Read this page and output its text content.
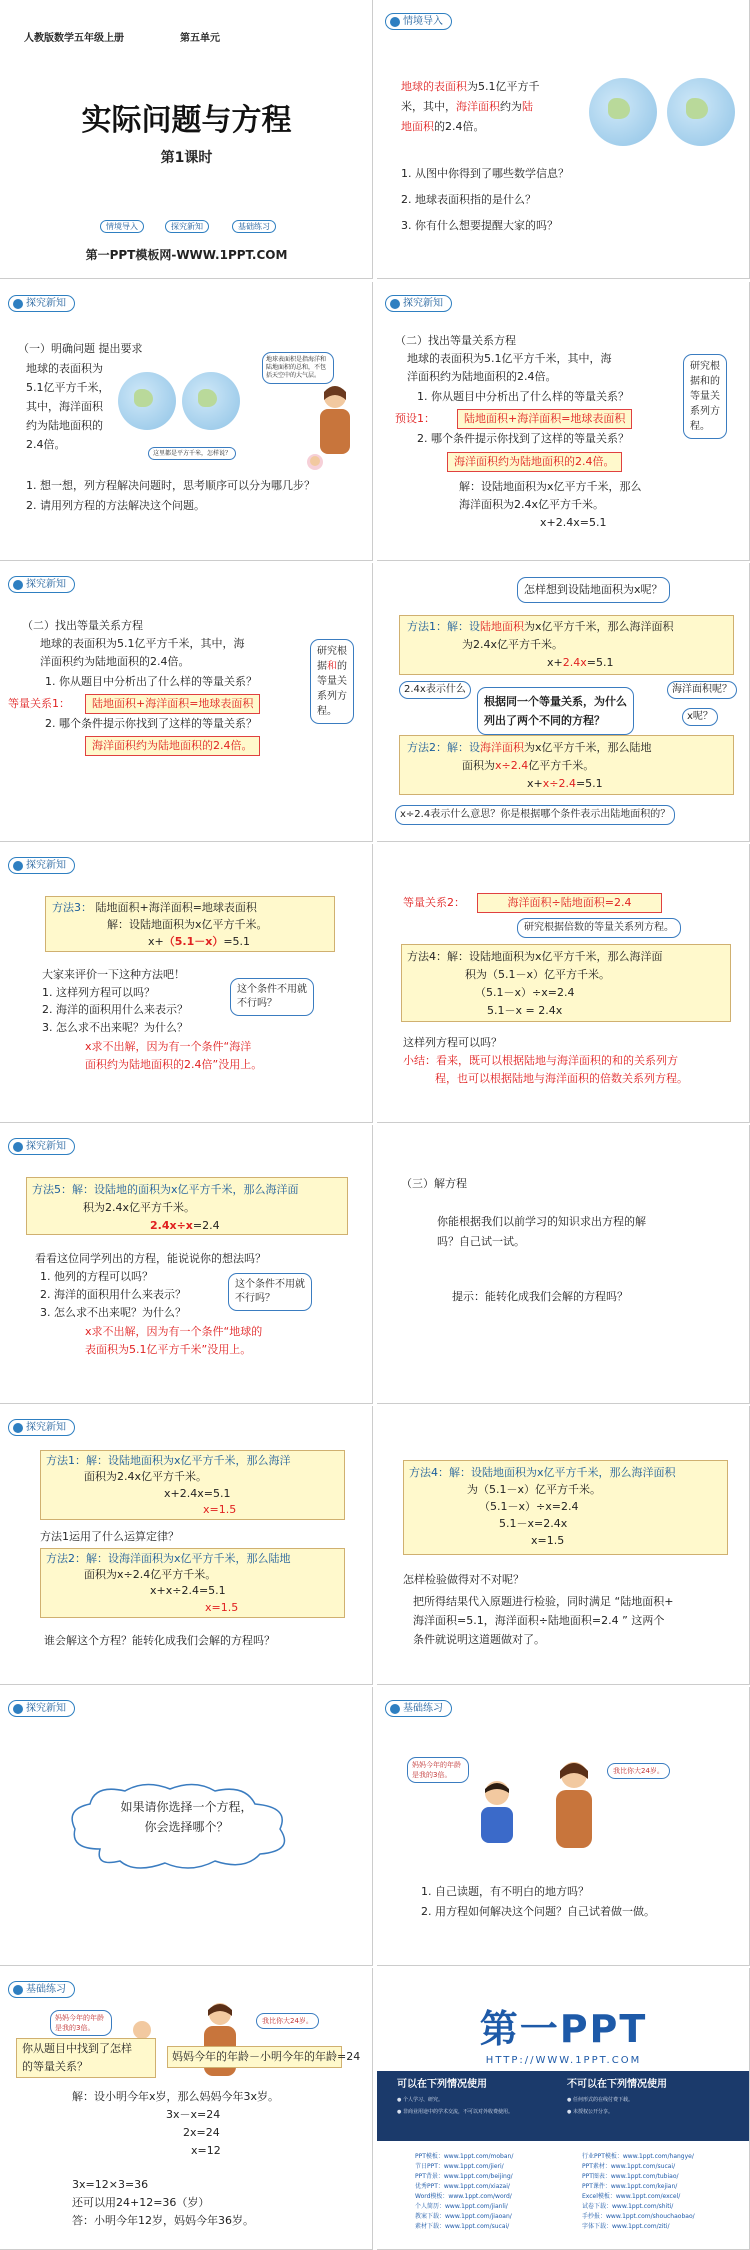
人教版数学五年级上册	第五单元
实际问题与方程
第1课时
情境导入	探究新知	基础练习
第一PPT模板网-WWW.1PPT.COM
情境导入
地球的表面积为5.1亿平方千
米，其中，海洋面积约为陆
地面积的2.4倍。
1. 从图中你得到了哪些数学信息？
2. 地球表面积指的是什么？
3. 你有什么想要提醒大家的吗？
探究新知
（一）明确问题 提出要求
地球的表面积为
5.1亿平方千米，
其中，海洋面积
约为陆地面积的
2.4倍。
地球表面积是指海洋和陆地面积的总和，不包括天空中的大气层。
这里都是平方千米，怎样说？
1. 想一想，列方程解决问题时，思考顺序可以分为哪几步？
2. 请用列方程的方法解决这个问题。
探究新知
（二）找出等量关系方程
地球的表面积为5.1亿平方千米，其中，海
洋面积约为陆地面积的2.4倍。
1. 你从题目中分析出了什么样的等量关系？
预设1：	陆地面积+海洋面积=地球表面积
2. 哪个条件提示你找到了这样的等量关系？
海洋面积约为陆地面积的2.4倍。
解：设陆地面积为x亿平方千米，那么
海洋面积为2.4x亿平方千米。
x+2.4x=5.1
研究根
据和的
等量关
系列方
程。
探究新知
（二）找出等量关系方程
地球的表面积为5.1亿平方千米，其中，海
洋面积约为陆地面积的2.4倍。
1. 你从题目中分析出了什么样的等量关系？
等量关系1：	陆地面积+海洋面积=地球表面积
2. 哪个条件提示你找到了这样的等量关系？
海洋面积约为陆地面积的2.4倍。
研究根
据和的
等量关
系列方
程。
怎样想到设陆地面积为x呢？
方法1：解：设陆地面积为x亿平方千米，那么海洋面积
为2.4x亿平方千米。
x+2.4x=5.1
2.4x表示什么	海洋面积呢？
根据同一个等量关系，为什么
列出了两个不同的方程？	x呢？
方法2：解：设海洋面积为x亿平方千米，那么陆地
面积为x÷2.4亿平方千米。
x+x÷2.4=5.1
x÷2.4表示什么意思？你是根据哪个条件表示出陆地面积的？
探究新知
方法3： 陆地面积+海洋面积=地球表面积
解：设陆地面积为x亿平方千米。
x+（5.1－x）=5.1
大家来评价一下这种方法吧！
1. 这样列方程可以吗？
2. 海洋的面积用什么来表示？
3. 怎么求不出来呢？为什么？
x求不出解，因为有一个条件“海洋
面积约为陆地面积的2.4倍”没用上。
这个条件不用就
不行吗？
等量关系2：	海洋面积÷陆地面积=2.4
研究根据倍数的等量关系列方程。
方法4：解：设陆地面积为x亿平方千米，那么海洋面
积为（5.1－x）亿平方千米。
（5.1－x）÷x=2.4
5.1－x = 2.4x
这样列方程可以吗？
小结：看来，既可以根据陆地与海洋面积的和的关系列方
程，也可以根据陆地与海洋面积的倍数关系列方程。
探究新知
方法5：解：设陆地的面积为x亿平方千米，那么海洋面
积为2.4x亿平方千米。
2.4x÷x=2.4
看看这位同学列出的方程，能说说你的想法吗？
1. 他列的方程可以吗？
2. 海洋的面积用什么来表示？
3. 怎么求不出来呢？为什么？
x求不出解，因为有一个条件“地球的
表面积为5.1亿平方千米”没用上。
这个条件不用就
不行吗？
（三）解方程
你能根据我们以前学习的知识求出方程的解
吗？自己试一试。
提示：能转化成我们会解的方程吗？
探究新知
方法1：解：设陆地面积为x亿平方千米，那么海洋
面积为2.4x亿平方千米。
x+2.4x=5.1
x=1.5
方法1运用了什么运算定律？
方法2：解：设海洋面积为x亿平方千米，那么陆地
面积为x÷2.4亿平方千米。
x+x÷2.4=5.1
x=1.5
谁会解这个方程？能转化成我们会解的方程吗？
方法4：解：设陆地面积为x亿平方千米，那么海洋面积
为（5.1－x）亿平方千米。
（5.1－x）÷x=2.4
5.1－x=2.4x
x=1.5
怎样检验做得对不对呢？
把所得结果代入原题进行检验，同时满足 “陆地面积+
海洋面积=5.1，海洋面积÷陆地面积=2.4 ” 这两个
条件就说明这道题做对了。
探究新知
如果请你选择一个方程，
你会选择哪个？
基础练习
妈妈今年的年龄是我的3倍。	我比你大24岁。
1. 自己读题，有不明白的地方吗？
2. 用方程如何解决这个问题？自己试着做一做。
基础练习
妈妈今年的年龄是我的3倍。
我比你大24岁。
你从题目中找到了怎样
的等量关系？
妈妈今年的年龄－小明今年的年龄=24
解：设小明今年x岁，那么妈妈今年3x岁。
3x－x=24
2x=24
x=12
3x=12×3=36
还可以用24+12=36（岁）
答：小明今年12岁，妈妈今年36岁。
第一PPT
HTTP://WWW.1PPT.COM
可以在下列情况使用	不可以在下列情况使用
● 个人学习、研究。
● 非商业用途中的学术交流，不可以对外收费使用。
● 任何形式的在线付费下载。
● 未授权公开分享。
PPT模板：www.1ppt.com/moban/
节日PPT：www.1ppt.com/jieri/
PPT背景：www.1ppt.com/beijing/
优秀PPT：www.1ppt.com/xiazai/
Word模板：www.1ppt.com/word/
个人简历：www.1ppt.com/jianli/
教案下载：www.1ppt.com/jiaoan/
素材下载：www.1ppt.com/sucai/
行业PPT模板：www.1ppt.com/hangye/
PPT素材：www.1ppt.com/sucai/
PPT图表：www.1ppt.com/tubiao/
PPT课件：www.1ppt.com/kejian/
Excel模板：www.1ppt.com/excel/
试卷下载：www.1ppt.com/shiti/
手抄报：www.1ppt.com/shouchaobao/
字体下载：www.1ppt.com/ziti/
